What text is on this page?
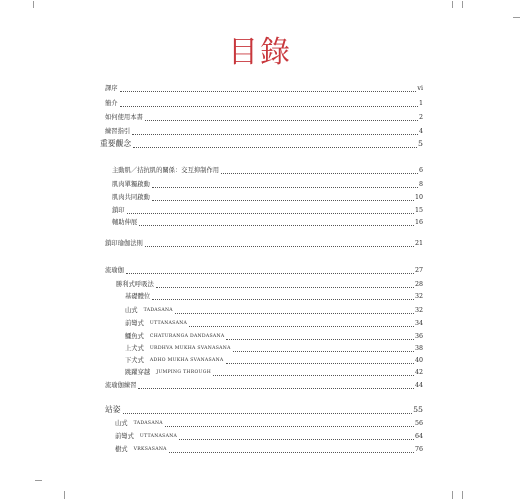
目錄
譯序	vi
簡介	1
如何使用本書	2
練習指引	4
重要觀念	5
主動肌／拮抗肌的關係：交互抑制作用	6
肌肉單獨啟動	8
肌肉共同啟動	10
鎖印	15
輔助伸展	16
鎖印瑜伽法則	21
流瑜伽	27
勝利式呼吸法	28
基礎體位	32
山式 TADASANA	32
前彎式 UTTANASANA	34
鱷魚式 CHATURANGA DANDASANA	36
上犬式 URDHVA MUKHA SVANASANA	38
下犬式 ADHO MUKHA SVANASANA	40
跳躍穿越 JUMPING THROUGH	42
流瑜伽練習	44
站姿	55
山式 TADASANA	56
前彎式 UTTANASANA	64
樹式 VRKSASANA	76
